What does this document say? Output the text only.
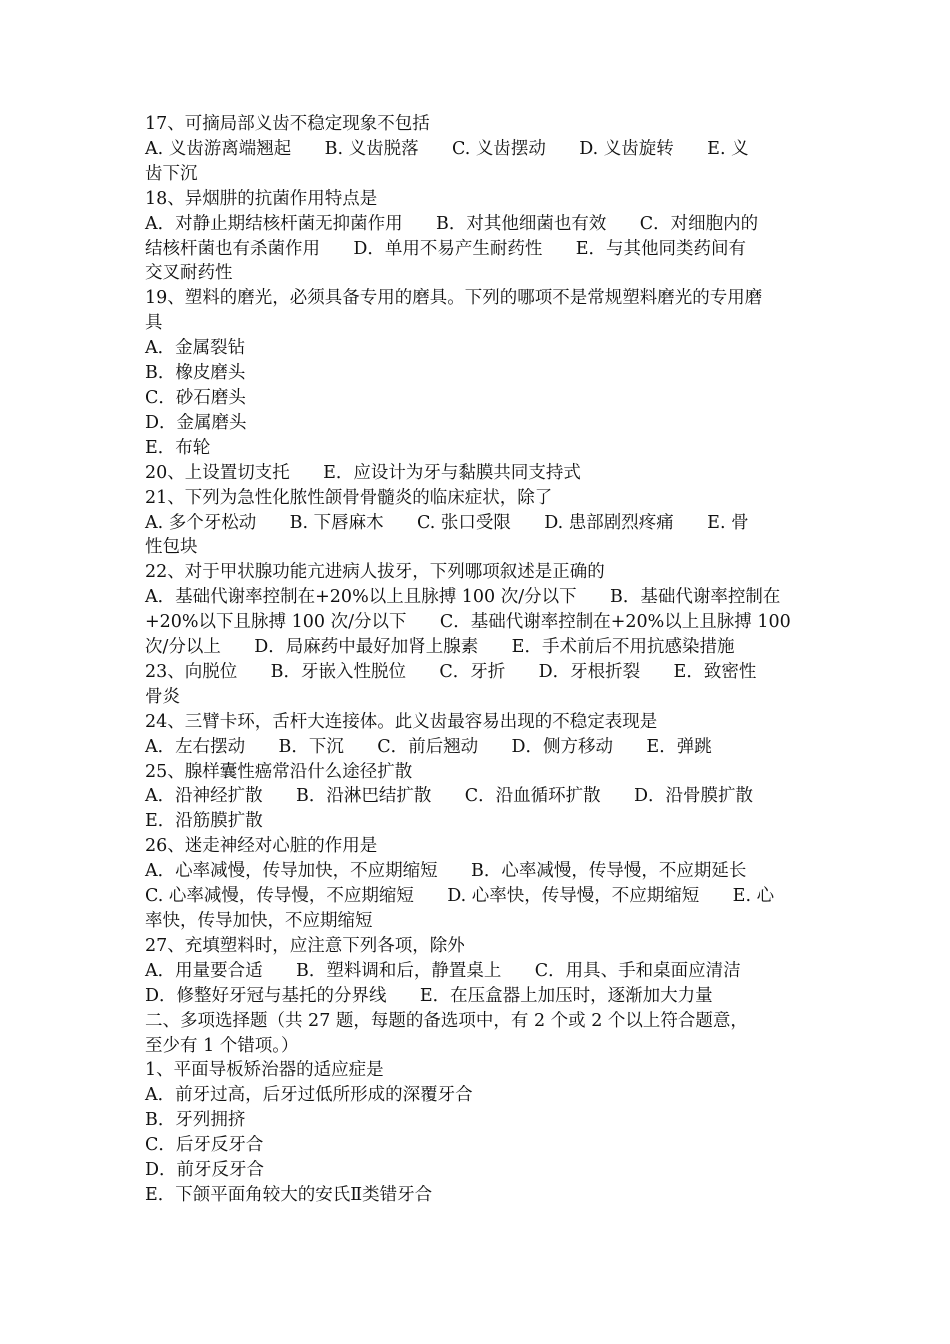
17、可摘局部义齿不稳定现象不包括
A. 义齿游离端翘起      B. 义齿脱落      C. 义齿摆动      D. 义齿旋转      E. 义
齿下沉
18、异烟肼的抗菌作用特点是
A．对静止期结核杆菌无抑菌作用      B．对其他细菌也有效      C．对细胞内的
结核杆菌也有杀菌作用      D．单用不易产生耐药性      E．与其他同类药间有
交叉耐药性
19、塑料的磨光，必须具备专用的磨具。下列的哪项不是常规塑料磨光的专用磨
具
A．金属裂钻
B．橡皮磨头
C．砂石磨头
D．金属磨头
E．布轮
20、上设置切支托      E．应设计为牙与黏膜共同支持式
21、下列为急性化脓性颌骨骨髓炎的临床症状，除了
A. 多个牙松动      B. 下唇麻木      C. 张口受限      D. 患部剧烈疼痛      E. 骨
性包块
22、对于甲状腺功能亢进病人拔牙，下列哪项叙述是正确的
A．基础代谢率控制在+20%以上且脉搏 100 次/分以下      B．基础代谢率控制在
+20%以下且脉搏 100 次/分以下      C．基础代谢率控制在+20%以上且脉搏 100
次/分以上      D．局麻药中最好加肾上腺素      E．手术前后不用抗感染措施
23、向脱位      B．牙嵌入性脱位      C．牙折      D．牙根折裂      E．致密性
骨炎
24、三臂卡环，舌杆大连接体。此义齿最容易出现的不稳定表现是
A．左右摆动      B．下沉      C．前后翘动      D．侧方移动      E．弹跳
25、腺样囊性癌常沿什么途径扩散
A．沿神经扩散      B．沿淋巴结扩散      C．沿血循环扩散      D．沿骨膜扩散
E．沿筋膜扩散
26、迷走神经对心脏的作用是
A．心率减慢，传导加快，不应期缩短      B．心率减慢，传导慢，不应期延长
C. 心率减慢，传导慢，不应期缩短      D. 心率快，传导慢，不应期缩短      E. 心
率快，传导加快，不应期缩短
27、充填塑料时，应注意下列各项，除外
A．用量要合适      B．塑料调和后，静置桌上      C．用具、手和桌面应清洁
D．修整好牙冠与基托的分界线      E．在压盒器上加压时，逐渐加大力量
二、多项选择题（共 27 题，每题的备选项中，有 2 个或 2 个以上符合题意，
至少有 1 个错项。）
1、平面导板矫治器的适应症是
A．前牙过高，后牙过低所形成的深覆牙合
B．牙列拥挤
C．后牙反牙合
D．前牙反牙合
E．下颌平面角较大的安氏Ⅱ类错牙合
